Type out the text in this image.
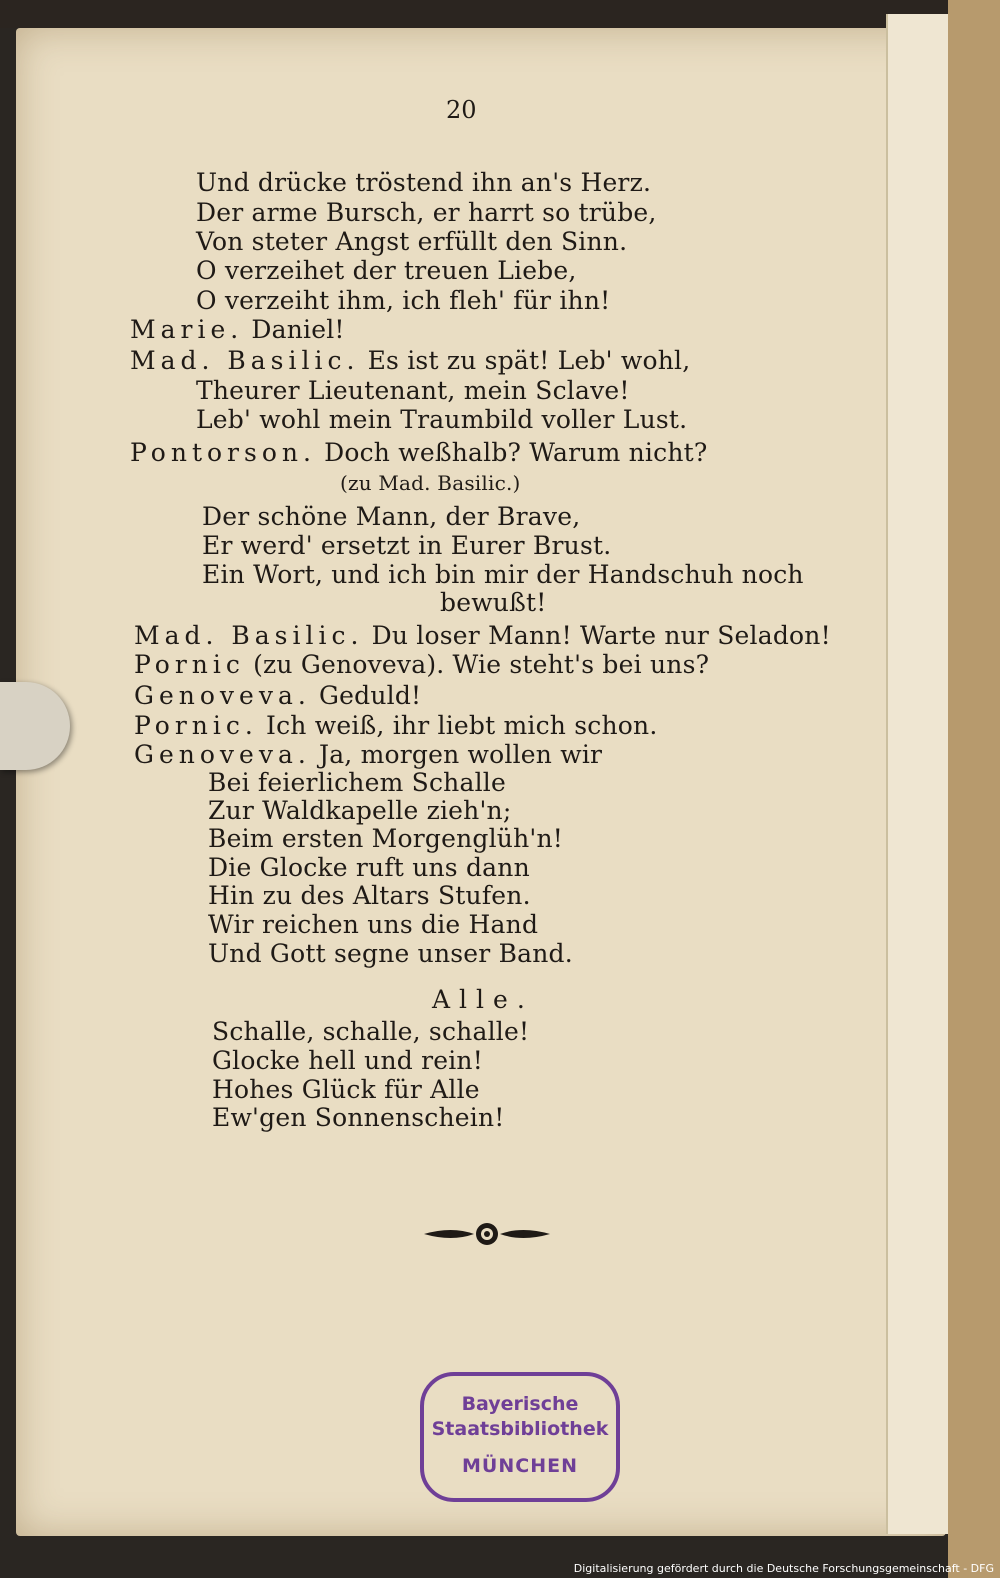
20
Und drücke tröstend ihn an's Herz.
Der arme Bursch, er harrt so trübe,
Von steter Angst erfüllt den Sinn.
O verzeihet der treuen Liebe,
O verzeiht ihm, ich fleh' für ihn!
Marie. Daniel!
Mad. Basilic. Es ist zu spät! Leb' wohl,
Theurer Lieutenant, mein Sclave!
Leb' wohl mein Traumbild voller Lust.
Pontorson. Doch weßhalb? Warum nicht?
(zu Mad. Basilic.)
Der schöne Mann, der Brave,
Er werd' ersetzt in Eurer Brust.
Ein Wort, und ich bin mir der Handschuh noch
bewußt!
Mad. Basilic. Du loser Mann! Warte nur Seladon!
Pornic (zu Genoveva). Wie steht's bei uns?
Genoveva. Geduld!
Pornic. Ich weiß, ihr liebt mich schon.
Genoveva. Ja, morgen wollen wir
Bei feierlichem Schalle
Zur Waldkapelle zieh'n;
Beim ersten Morgenglüh'n!
Die Glocke ruft uns dann
Hin zu des Altars Stufen.
Wir reichen uns die Hand
Und Gott segne unser Band.
Alle.
Schalle, schalle, schalle!
Glocke hell und rein!
Hohes Glück für Alle
Ew'gen Sonnenschein!
Bayerische
Staatsbibliothek
MÜNCHEN
Digitalisierung gefördert durch die Deutsche Forschungsgemeinschaft - DFG
